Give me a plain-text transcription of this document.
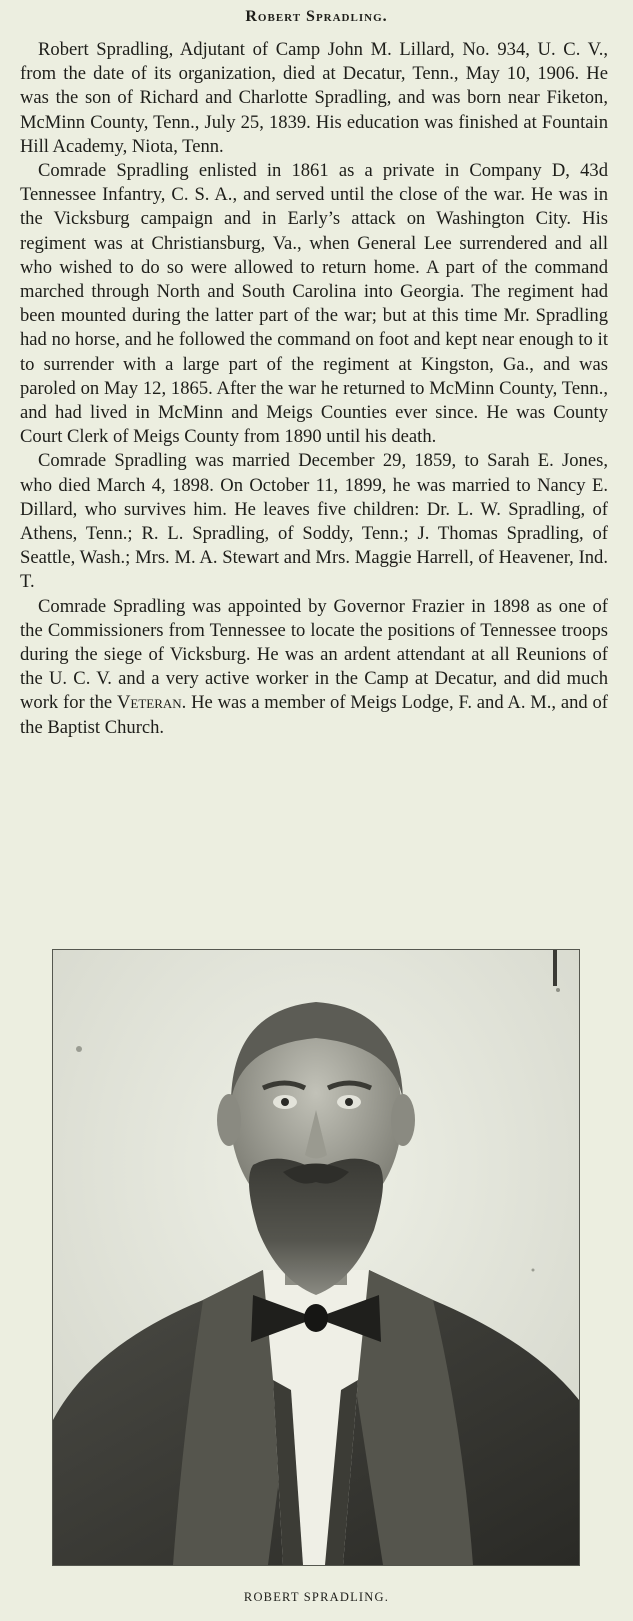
Robert Spradling.

Robert Spradling, Adjutant of Camp John M. Lillard, No. 934, U. C. V., from the date of its organization, died at Decatur, Tenn., May 10, 1906. He was the son of Richard and Charlotte Spradling, and was born near Fiketon, McMinn County, Tenn., July 25, 1839. His education was finished at Fountain Hill Academy, Niota, Tenn.

Comrade Spradling enlisted in 1861 as a private in Company D, 43d Tennessee Infantry, C. S. A., and served until the close of the war. He was in the Vicksburg campaign and in Early’s attack on Washington City. His regiment was at Christiansburg, Va., when General Lee surrendered and all who wished to do so were allowed to return home. A part of the command marched through North and South Carolina into Georgia. The regiment had been mounted during the latter part of the war; but at this time Mr. Spradling had no horse, and he followed the command on foot and kept near enough to it to surrender with a large part of the regiment at Kingston, Ga., and was paroled on May 12, 1865. After the war he returned to McMinn County, Tenn., and had lived in McMinn and Meigs Counties ever since. He was County Court Clerk of Meigs County from 1890 until his death.

Comrade Spradling was married December 29, 1859, to Sarah E. Jones, who died March 4, 1898. On October 11, 1899, he was married to Nancy E. Dillard, who survives him. He leaves five children: Dr. L. W. Spradling, of Athens, Tenn.; R. L. Spradling, of Soddy, Tenn.; J. Thomas Spradling, of Seattle, Wash.; Mrs. M. A. Stewart and Mrs. Maggie Harrell, of Heavener, Ind. T.

Comrade Spradling was appointed by Governor Frazier in 1898 as one of the Commissioners from Tennessee to locate the positions of Tennessee troops during the siege of Vicksburg. He was an ardent attendant at all Reunions of the U. C. V. and a very active worker in the Camp at Decatur, and did much work for the Veteran. He was a member of Meigs Lodge, F. and A. M., and of the Baptist Church.

ROBERT SPRADLING.
